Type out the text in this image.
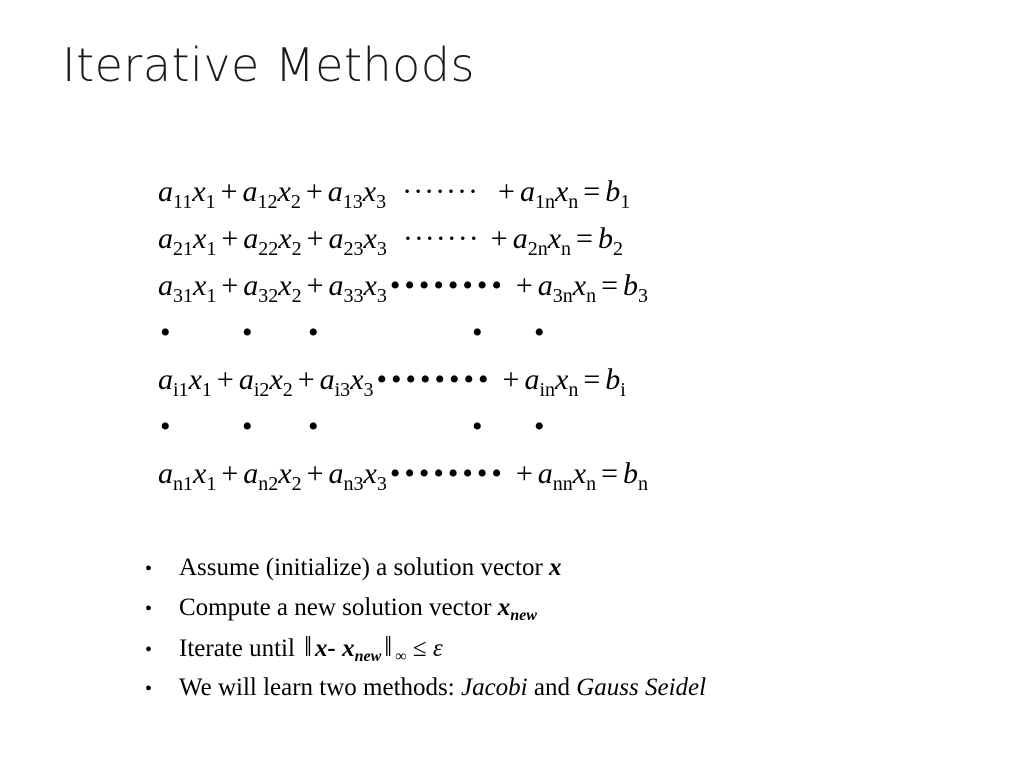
Iterative Methods
$a_{11}x_1 + a_{12}x_2 + a_{13}x_3$ ······· + $a_{1n}x_n = b_1$
$a_{21}x_1 + a_{22}x_2 + a_{23}x_3$ ······· + $a_{2n}x_n = b_2$
$a_{31}x_1 + a_{32}x_2 + a_{33}x_3$ •••••••• + $a_{3n}x_n = b_3$
• • •	• •
$a_{i1}x_1 + a_{i2}x_2 + a_{i3}x_3$ •••••••• + $a_{in}x_n = b_i$
• • •	• •
$a_{n1}x_1 + a_{n2}x_2 + a_{n3}x_3$ •••••••• + $a_{nn}x_n = b_n$
• Assume (initialize) a solution vector x
• Compute a new solution vector $x_{new}$
• Iterate until ‖ x- $x_{new}$ ‖ $_\infty$ ≤ ε
• We will learn two methods: Jacobi and Gauss Seidel
